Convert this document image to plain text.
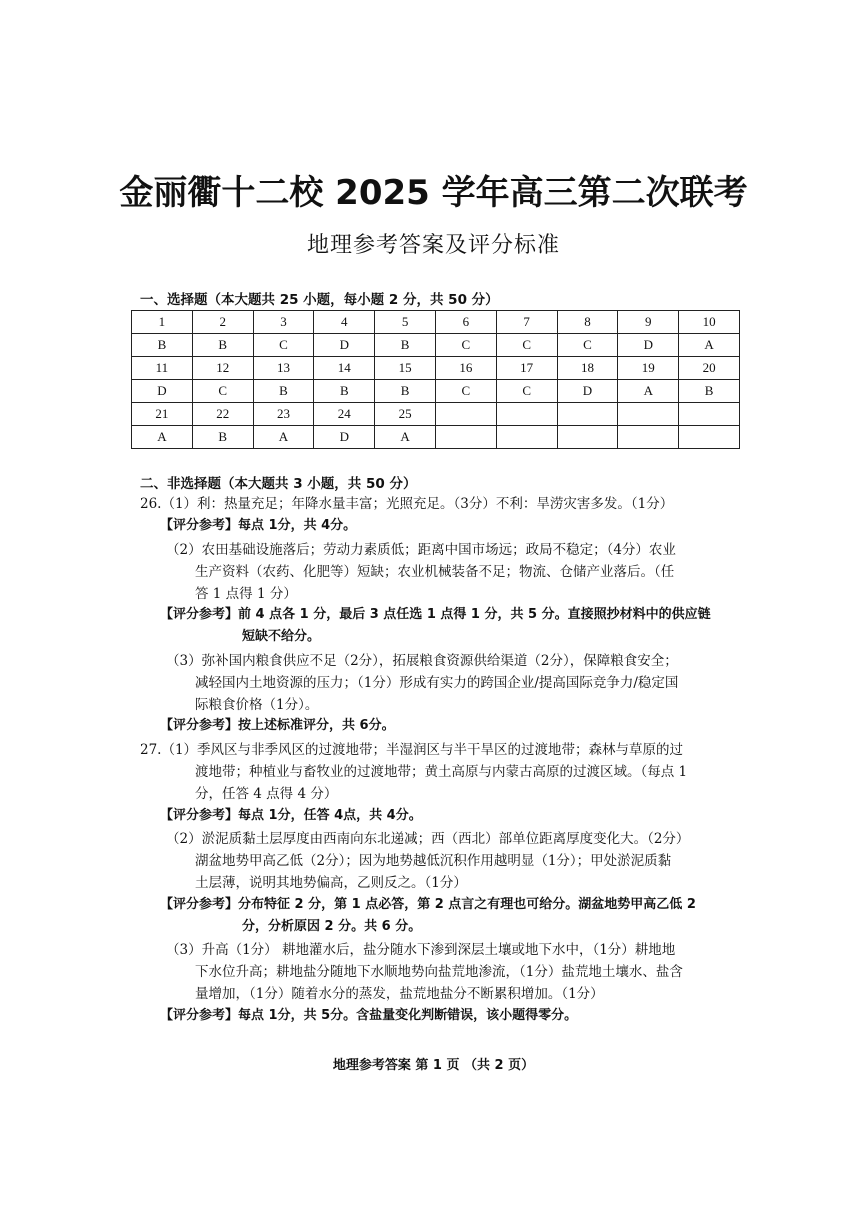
金丽衢十二校 2025 学年高三第二次联考
地理参考答案及评分标准
一、选择题（本大题共 25 小题，每小题 2 分，共 50 分）
1	2	3	4	5	6	7	8	9	10
B	B	C	D	B	C	C	C	D	A
11	12	13	14	15	16	17	18	19	20
D	C	B	B	B	C	C	D	A	B
21	22	23	24	25					
A	B	A	D	A					
二、非选择题（本大题共 3 小题，共 50 分）
26.（1）利：热量充足；年降水量丰富；光照充足。（3分）不利：旱涝灾害多发。（1分）
【评分参考】每点 1分，共 4分。
（2）农田基础设施落后；劳动力素质低；距离中国市场远；政局不稳定；（4分）农业
生产资料（农药、化肥等）短缺；农业机械装备不足；物流、仓储产业落后。（任
答 1 点得 1 分）
【评分参考】前 4 点各 1 分，最后 3 点任选 1 点得 1 分，共 5 分。直接照抄材料中的供应链
短缺不给分。
（3）弥补国内粮食供应不足（2分），拓展粮食资源供给渠道（2分），保障粮食安全；
减轻国内土地资源的压力；（1分）形成有实力的跨国企业/提高国际竞争力/稳定国
际粮食价格（1分）。
【评分参考】按上述标准评分，共 6分。
27.（1）季风区与非季风区的过渡地带；半湿润区与半干旱区的过渡地带；森林与草原的过
渡地带；种植业与畜牧业的过渡地带；黄土高原与内蒙古高原的过渡区域。（每点 1
分，任答 4 点得 4 分）
【评分参考】每点 1分，任答 4点，共 4分。
（2）淤泥质黏土层厚度由西南向东北递减；西（西北）部单位距离厚度变化大。（2分）
湖盆地势甲高乙低（2分）；因为地势越低沉积作用越明显（1分）；甲处淤泥质黏
土层薄，说明其地势偏高，乙则反之。（1分）
【评分参考】分布特征 2 分，第 1 点必答，第 2 点言之有理也可给分。湖盆地势甲高乙低 2
分，分析原因 2 分。共 6 分。
（3）升高（1分） 耕地灌水后，盐分随水下渗到深层土壤或地下水中，（1分）耕地地
下水位升高；耕地盐分随地下水顺地势向盐荒地渗流，（1分）盐荒地土壤水、盐含
量增加，（1分）随着水分的蒸发，盐荒地盐分不断累积增加。（1分）
【评分参考】每点 1分，共 5分。含盐量变化判断错误，该小题得零分。
地理参考答案 第 1 页 （共 2 页）
